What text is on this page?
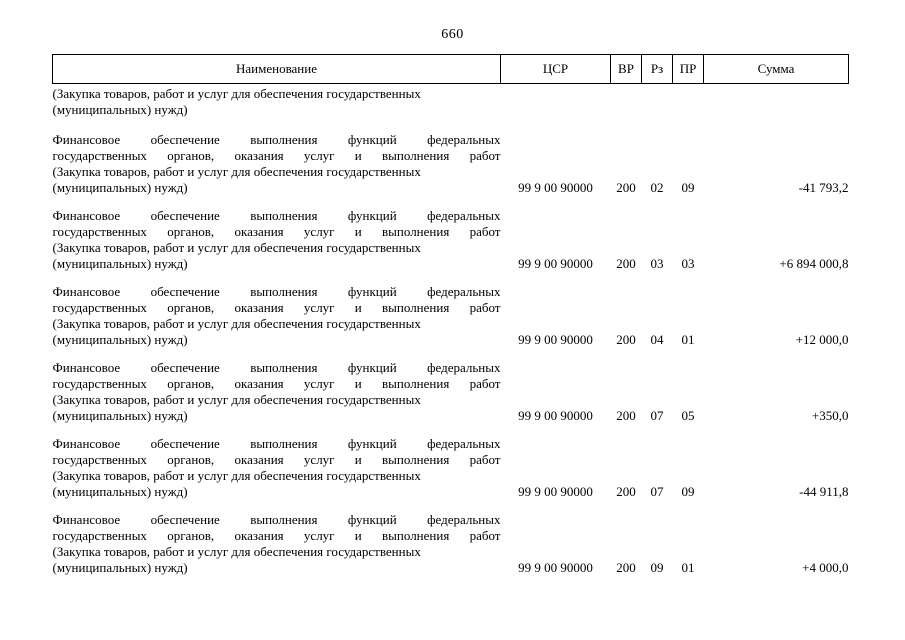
660
Наименование	ЦСР	ВР	Рз	ПР	Сумма

(Закупка товаров, работ и услуг для обеспечения государственных
(муниципальных) нужд)					

Финансовое обеспечение выполнения функций федеральных
государственных органов, оказания услуг и выполнения работ
(Закупка товаров, работ и услуг для обеспечения государственных
(муниципальных) нужд)	99 9 00 90000	200	02	09	-41 793,2

Финансовое обеспечение выполнения функций федеральных
государственных органов, оказания услуг и выполнения работ
(Закупка товаров, работ и услуг для обеспечения государственных
(муниципальных) нужд)	99 9 00 90000	200	03	03	+6 894 000,8

Финансовое обеспечение выполнения функций федеральных
государственных органов, оказания услуг и выполнения работ
(Закупка товаров, работ и услуг для обеспечения государственных
(муниципальных) нужд)	99 9 00 90000	200	04	01	+12 000,0

Финансовое обеспечение выполнения функций федеральных
государственных органов, оказания услуг и выполнения работ
(Закупка товаров, работ и услуг для обеспечения государственных
(муниципальных) нужд)	99 9 00 90000	200	07	05	+350,0

Финансовое обеспечение выполнения функций федеральных
государственных органов, оказания услуг и выполнения работ
(Закупка товаров, работ и услуг для обеспечения государственных
(муниципальных) нужд)	99 9 00 90000	200	07	09	-44 911,8

Финансовое обеспечение выполнения функций федеральных
государственных органов, оказания услуг и выполнения работ
(Закупка товаров, работ и услуг для обеспечения государственных
(муниципальных) нужд)	99 9 00 90000	200	09	01	+4 000,0
